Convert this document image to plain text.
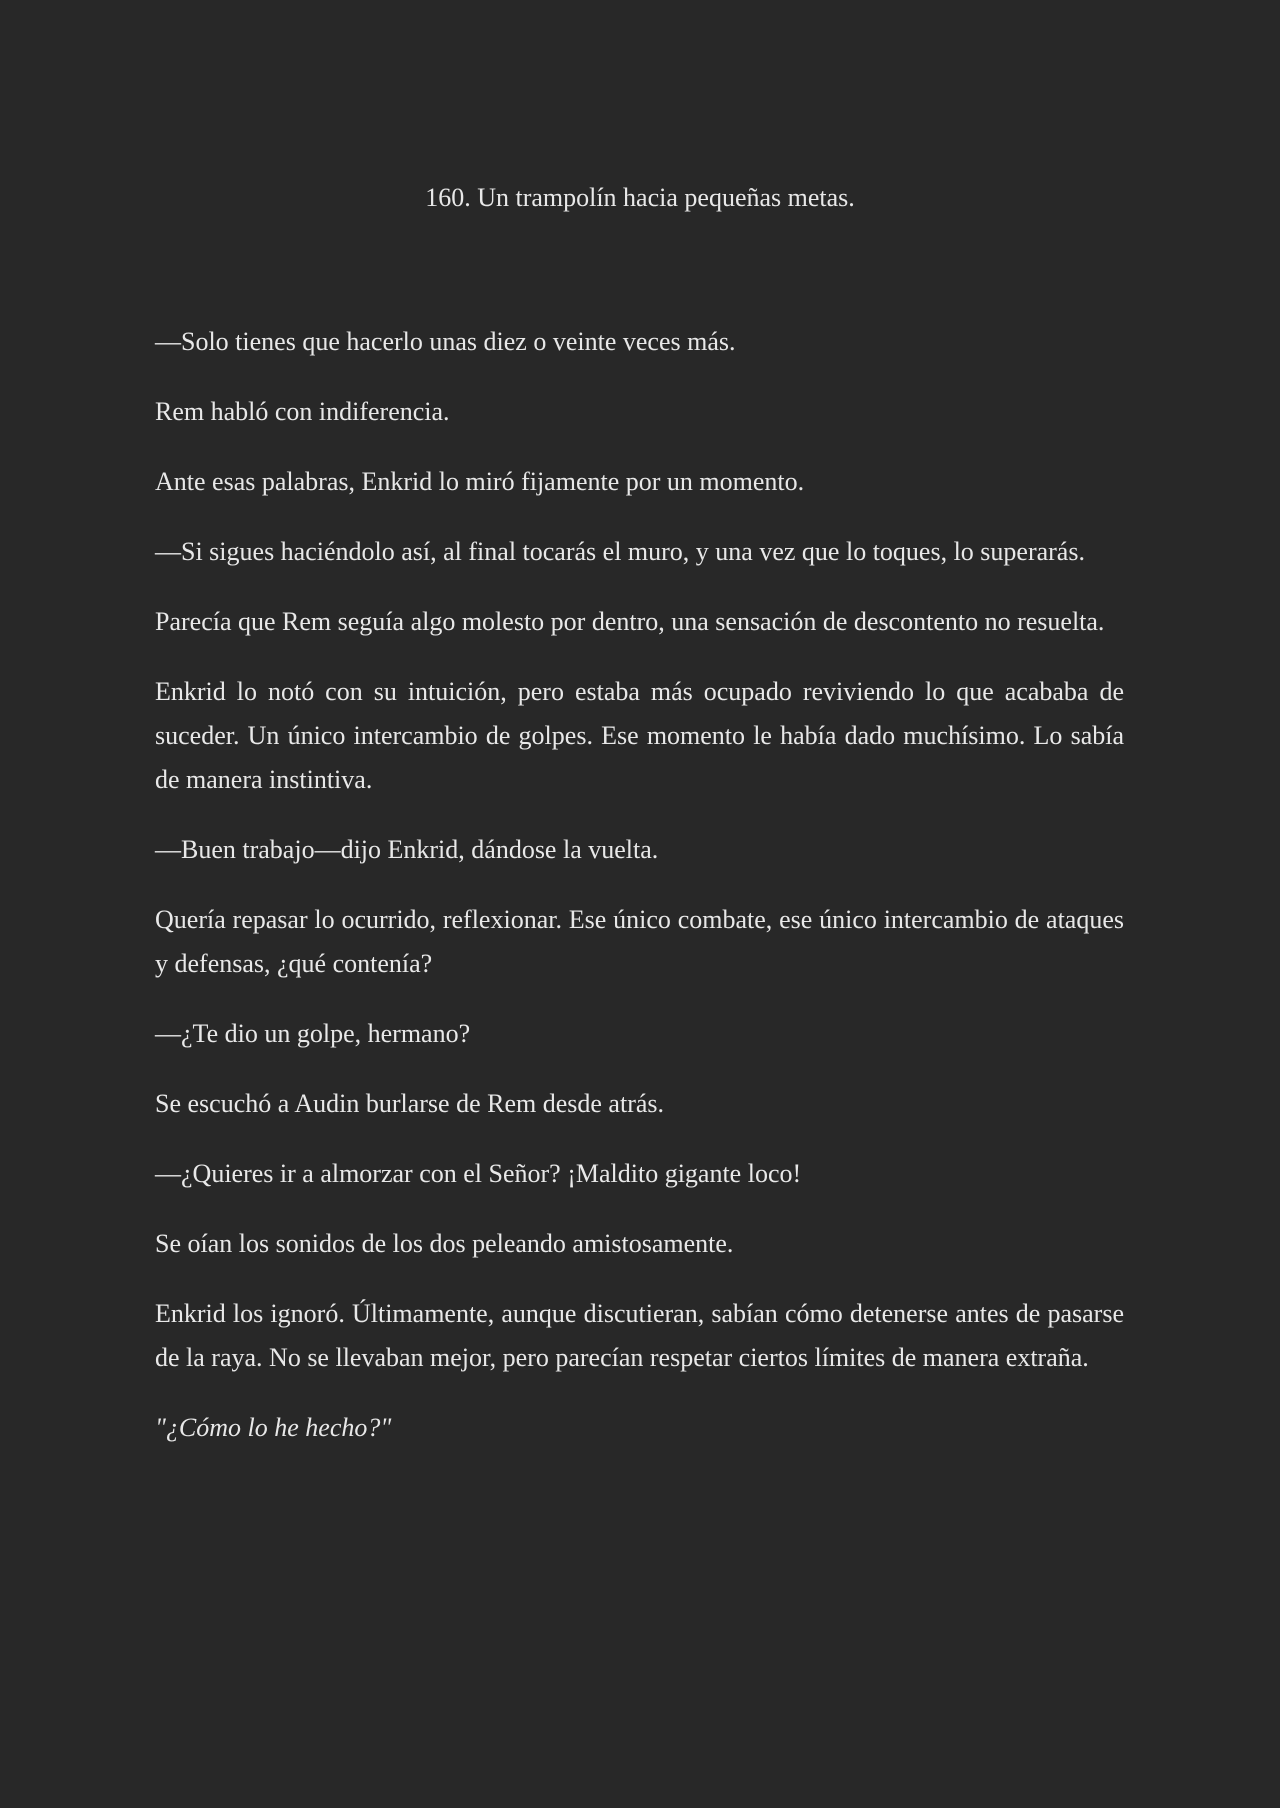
160. Un trampolín hacia pequeñas metas.

—Solo tienes que hacerlo unas diez o veinte veces más.

Rem habló con indiferencia.

Ante esas palabras, Enkrid lo miró fijamente por un momento.

—Si sigues haciéndolo así, al final tocarás el muro, y una vez que lo toques, lo superarás.

Parecía que Rem seguía algo molesto por dentro, una sensación de descontento no resuelta.

Enkrid lo notó con su intuición, pero estaba más ocupado reviviendo lo que acababa de suceder. Un único intercambio de golpes. Ese momento le había dado muchísimo. Lo sabía de manera instintiva.

—Buen trabajo—dijo Enkrid, dándose la vuelta.

Quería repasar lo ocurrido, reflexionar. Ese único combate, ese único intercambio de ataques y defensas, ¿qué contenía?

—¿Te dio un golpe, hermano?

Se escuchó a Audin burlarse de Rem desde atrás.

—¿Quieres ir a almorzar con el Señor? ¡Maldito gigante loco!

Se oían los sonidos de los dos peleando amistosamente.

Enkrid los ignoró. Últimamente, aunque discutieran, sabían cómo detenerse antes de pasarse de la raya. No se llevaban mejor, pero parecían respetar ciertos límites de manera extraña.

"¿Cómo lo he hecho?"
